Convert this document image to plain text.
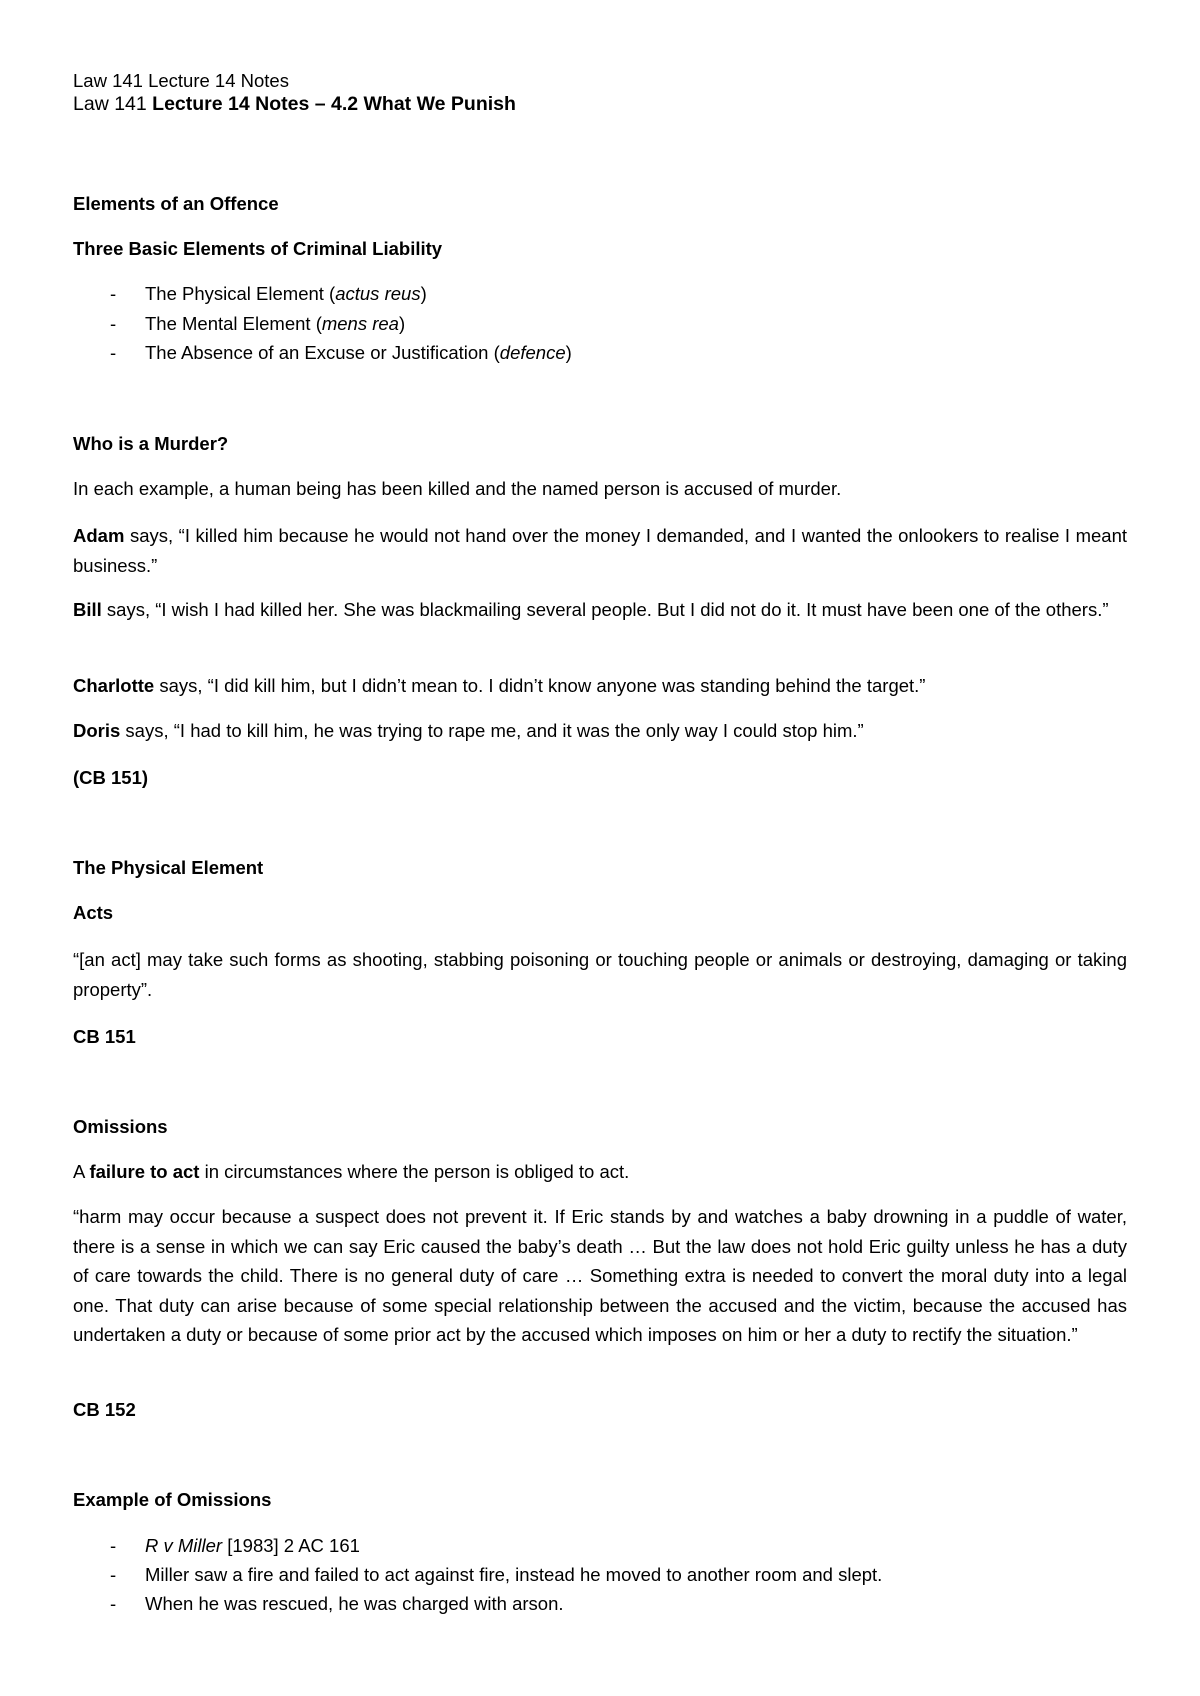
Law 141 Lecture 14 Notes
Law 141 Lecture 14 Notes – 4.2 What We Punish
Elements of an Offence
Three Basic Elements of Criminal Liability
- The Physical Element (actus reus)
- The Mental Element (mens rea)
- The Absence of an Excuse or Justification (defence)
Who is a Murder?
In each example, a human being has been killed and the named person is accused of murder.
Adam says, “I killed him because he would not hand over the money I demanded, and I wanted the onlookers to realise I meant business.”
Bill says, “I wish I had killed her. She was blackmailing several people. But I did not do it. It must have been one of the others.”
Charlotte says, “I did kill him, but I didn’t mean to. I didn’t know anyone was standing behind the target.”
Doris says, “I had to kill him, he was trying to rape me, and it was the only way I could stop him.”
(CB 151)
The Physical Element
Acts
“[an act] may take such forms as shooting, stabbing poisoning or touching people or animals or destroying, damaging or taking property”.
CB 151
Omissions
A failure to act in circumstances where the person is obliged to act.
“harm may occur because a suspect does not prevent it. If Eric stands by and watches a baby drowning in a puddle of water, there is a sense in which we can say Eric caused the baby’s death … But the law does not hold Eric guilty unless he has a duty of care towards the child. There is no general duty of care … Something extra is needed to convert the moral duty into a legal one. That duty can arise because of some special relationship between the accused and the victim, because the accused has undertaken a duty or because of some prior act by the accused which imposes on him or her a duty to rectify the situation.”
CB 152
Example of Omissions
- R v Miller [1983] 2 AC 161
- Miller saw a fire and failed to act against fire, instead he moved to another room and slept.
- When he was rescued, he was charged with arson.
